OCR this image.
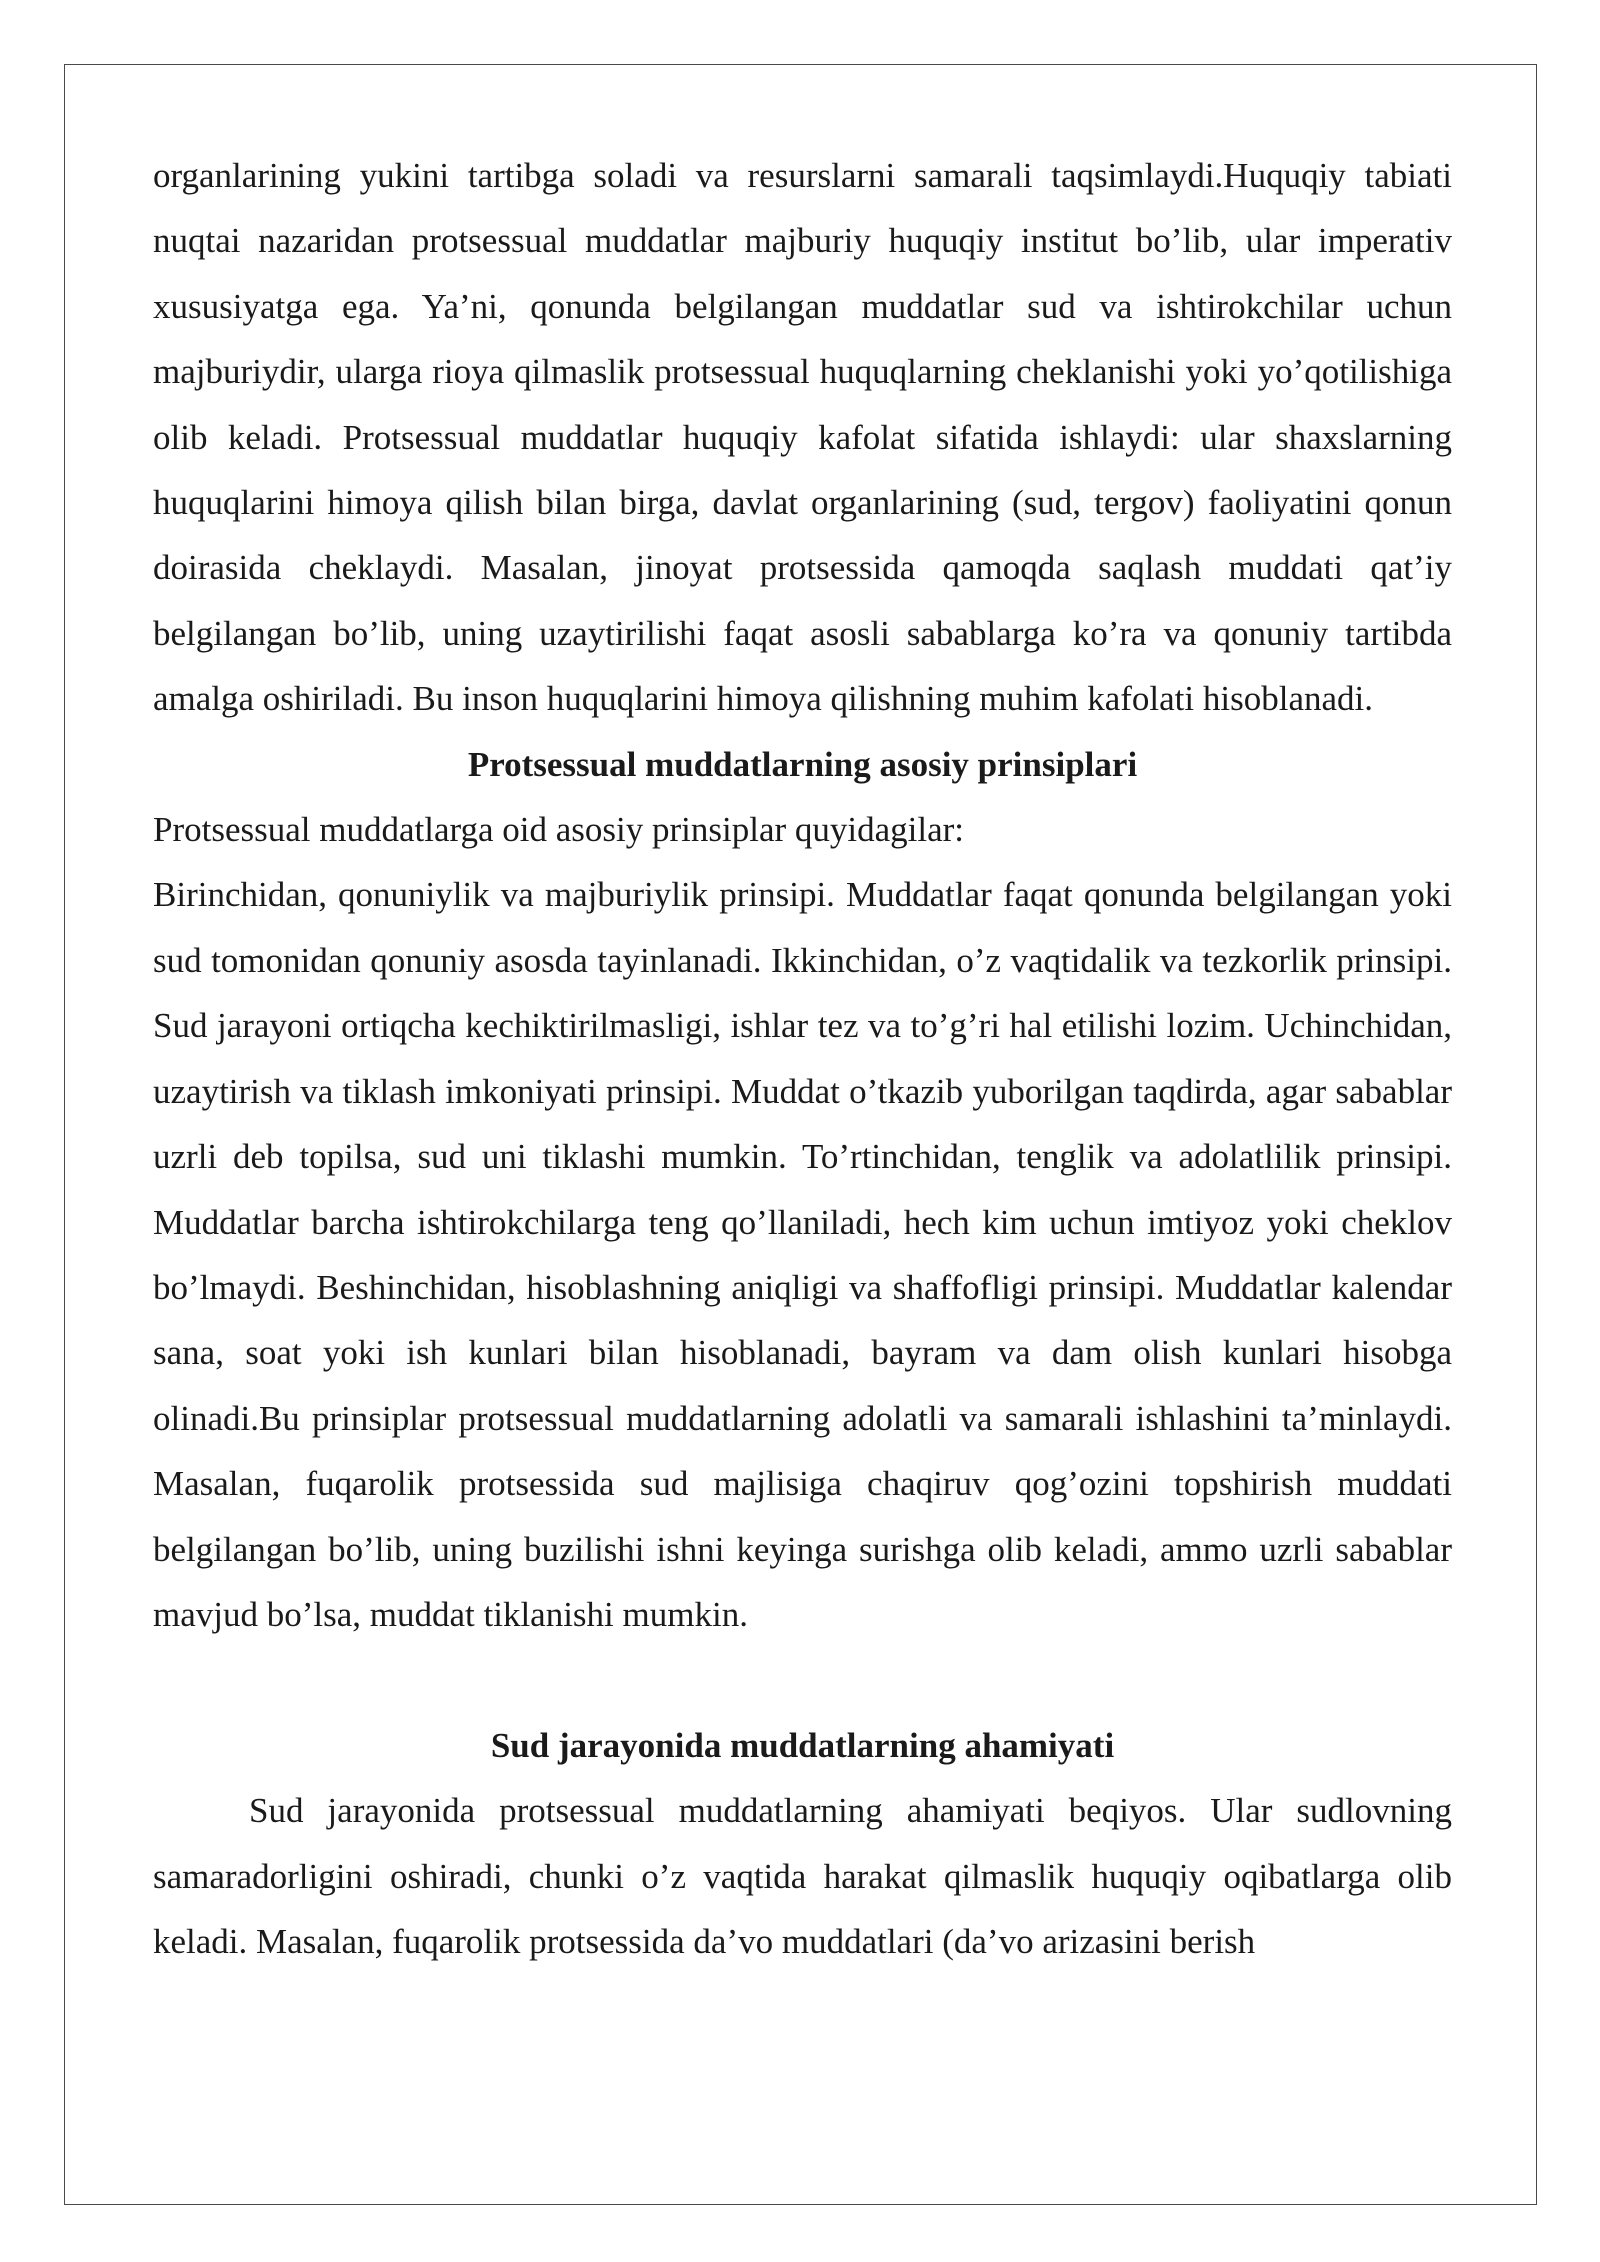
organlarining yukini tartibga soladi va resurslarni samarali taqsimlaydi.Huquqiy tabiati nuqtai nazaridan protsessual muddatlar majburiy huquqiy institut bo’lib, ular imperativ xususiyatga ega. Ya’ni, qonunda belgilangan muddatlar sud va ishtirokchilar uchun majburiydir, ularga rioya qilmaslik protsessual huquqlarning cheklanishi yoki yo’qotilishiga olib keladi. Protsessual muddatlar huquqiy kafolat sifatida ishlaydi: ular shaxslarning huquqlarini himoya qilish bilan birga, davlat organlarining (sud, tergov) faoliyatini qonun doirasida cheklaydi. Masalan, jinoyat protsessida qamoqda saqlash muddati qat’iy belgilangan bo’lib, uning uzaytirilishi faqat asosli sabablarga ko’ra va qonuniy tartibda amalga oshiriladi. Bu inson huquqlarini himoya qilishning muhim kafolati hisoblanadi.

Protsessual muddatlarning asosiy prinsiplari

Protsessual muddatlarga oid asosiy prinsiplar quyidagilar:

Birinchidan, qonuniylik va majburiylik prinsipi. Muddatlar faqat qonunda belgilangan yoki sud tomonidan qonuniy asosda tayinlanadi. Ikkinchidan, o’z vaqtidalik va tezkorlik prinsipi. Sud jarayoni ortiqcha kechiktirilmasligi, ishlar tez va to’g’ri hal etilishi lozim. Uchinchidan, uzaytirish va tiklash imkoniyati prinsipi. Muddat o’tkazib yuborilgan taqdirda, agar sabablar uzrli deb topilsa, sud uni tiklashi mumkin. To’rtinchidan, tenglik va adolatlilik prinsipi. Muddatlar barcha ishtirokchilarga teng qo’llaniladi, hech kim uchun imtiyoz yoki cheklov bo’lmaydi. Beshinchidan, hisoblashning aniqligi va shaffofligi prinsipi. Muddatlar kalendar sana, soat yoki ish kunlari bilan hisoblanadi, bayram va dam olish kunlari hisobga olinadi.Bu prinsiplar protsessual muddatlarning adolatli va samarali ishlashini ta’minlaydi. Masalan, fuqarolik protsessida sud majlisiga chaqiruv qog’ozini topshirish muddati belgilangan bo’lib, uning buzilishi ishni keyinga surishga olib keladi, ammo uzrli sabablar mavjud bo’lsa, muddat tiklanishi mumkin.

Sud jarayonida muddatlarning ahamiyati

Sud jarayonida protsessual muddatlarning ahamiyati beqiyos. Ular sudlovning samaradorligini oshiradi, chunki o’z vaqtida harakat qilmaslik huquqiy oqibatlarga olib keladi. Masalan, fuqarolik protsessida da’vo muddatlari (da’vo arizasini berish
